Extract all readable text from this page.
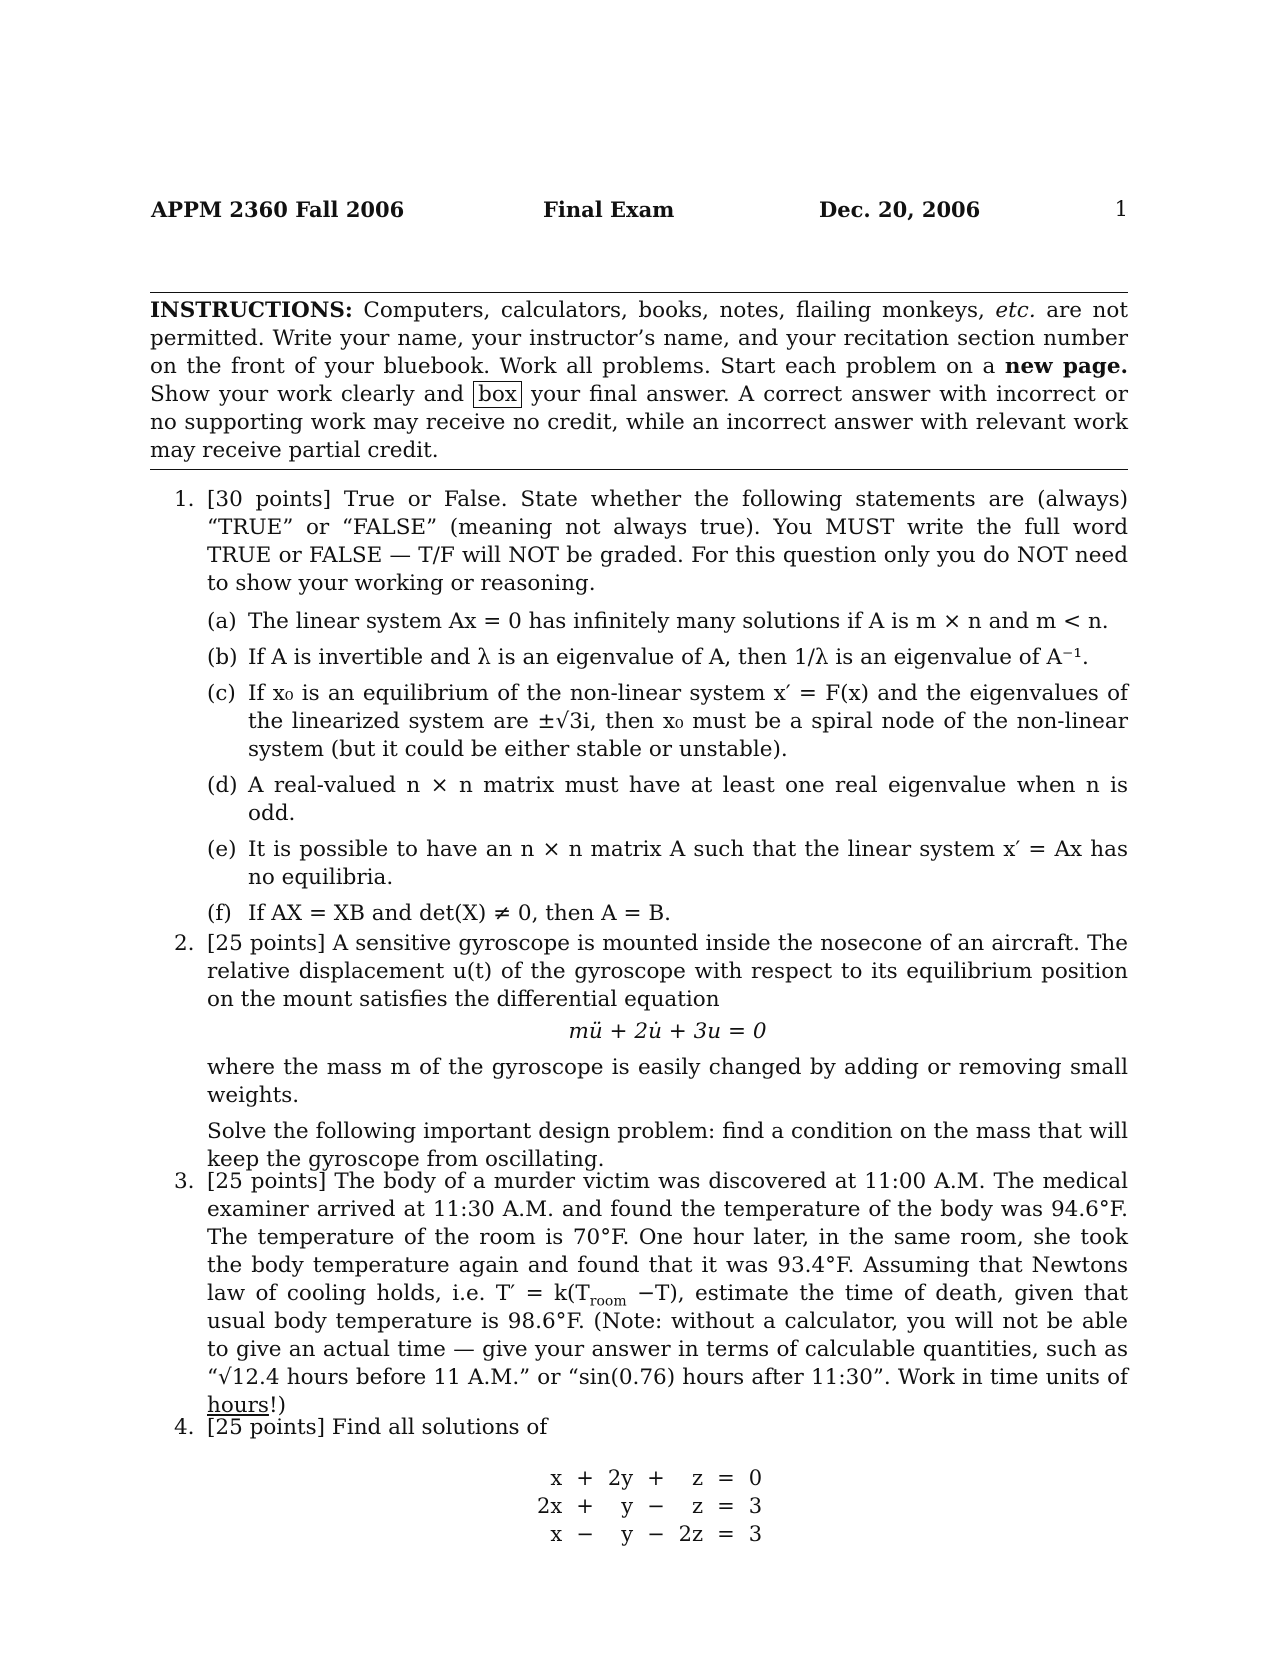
APPM 2360 Fall 2006	Final Exam	Dec. 20, 2006	1
INSTRUCTIONS: Computers, calculators, books, notes, flailing monkeys, etc. are not permitted. Write your name, your instructor’s name, and your recitation section number on the front of your bluebook. Work all problems. Start each problem on a new page. Show your work clearly and box your final answer. A correct answer with incorrect or no supporting work may receive no credit, while an incorrect answer with relevant work may receive partial credit.
1. [30 points] True or False. State whether the following statements are (always) “TRUE” or “FALSE” (meaning not always true). You MUST write the full word TRUE or FALSE — T/F will NOT be graded. For this question only you do NOT need to show your working or reasoning.
(a) The linear system Ax = 0 has infinitely many solutions if A is m × n and m < n.
(b) If A is invertible and λ is an eigenvalue of A, then 1/λ is an eigenvalue of A⁻¹.
(c) If x₀ is an equilibrium of the non-linear system x′ = F(x) and the eigenvalues of the linearized system are ±√3i, then x₀ must be a spiral node of the non-linear system (but it could be either stable or unstable).
(d) A real-valued n × n matrix must have at least one real eigenvalue when n is odd.
(e) It is possible to have an n × n matrix A such that the linear system x′ = Ax has no equilibria.
(f) If AX = XB and det(X) ≠ 0, then A = B.
2. [25 points] A sensitive gyroscope is mounted inside the nosecone of an aircraft. The relative displacement u(t) of the gyroscope with respect to its equilibrium position on the mount satisfies the differential equation
mü + 2u̇ + 3u = 0
where the mass m of the gyroscope is easily changed by adding or removing small weights.
Solve the following important design problem: find a condition on the mass that will keep the gyroscope from oscillating.
3. [25 points] The body of a murder victim was discovered at 11:00 A.M. The medical examiner arrived at 11:30 A.M. and found the temperature of the body was 94.6°F. The temperature of the room is 70°F. One hour later, in the same room, she took the body temperature again and found that it was 93.4°F. Assuming that Newtons law of cooling holds, i.e. $T' = k(T_{room} -T)$, estimate the time of death, given that usual body temperature is 98.6°F. (Note: without a calculator, you will not be able to give an actual time — give your answer in terms of calculable quantities, such as “√12.4 hours before 11 A.M.” or “sin(0.76) hours after 11:30”. Work in time units of hours!)
4. [25 points] Find all solutions of
x	+	2y	+	z	=	0
2x	+	y	−	z	=	3
x	−	y	−	2z	=	3
